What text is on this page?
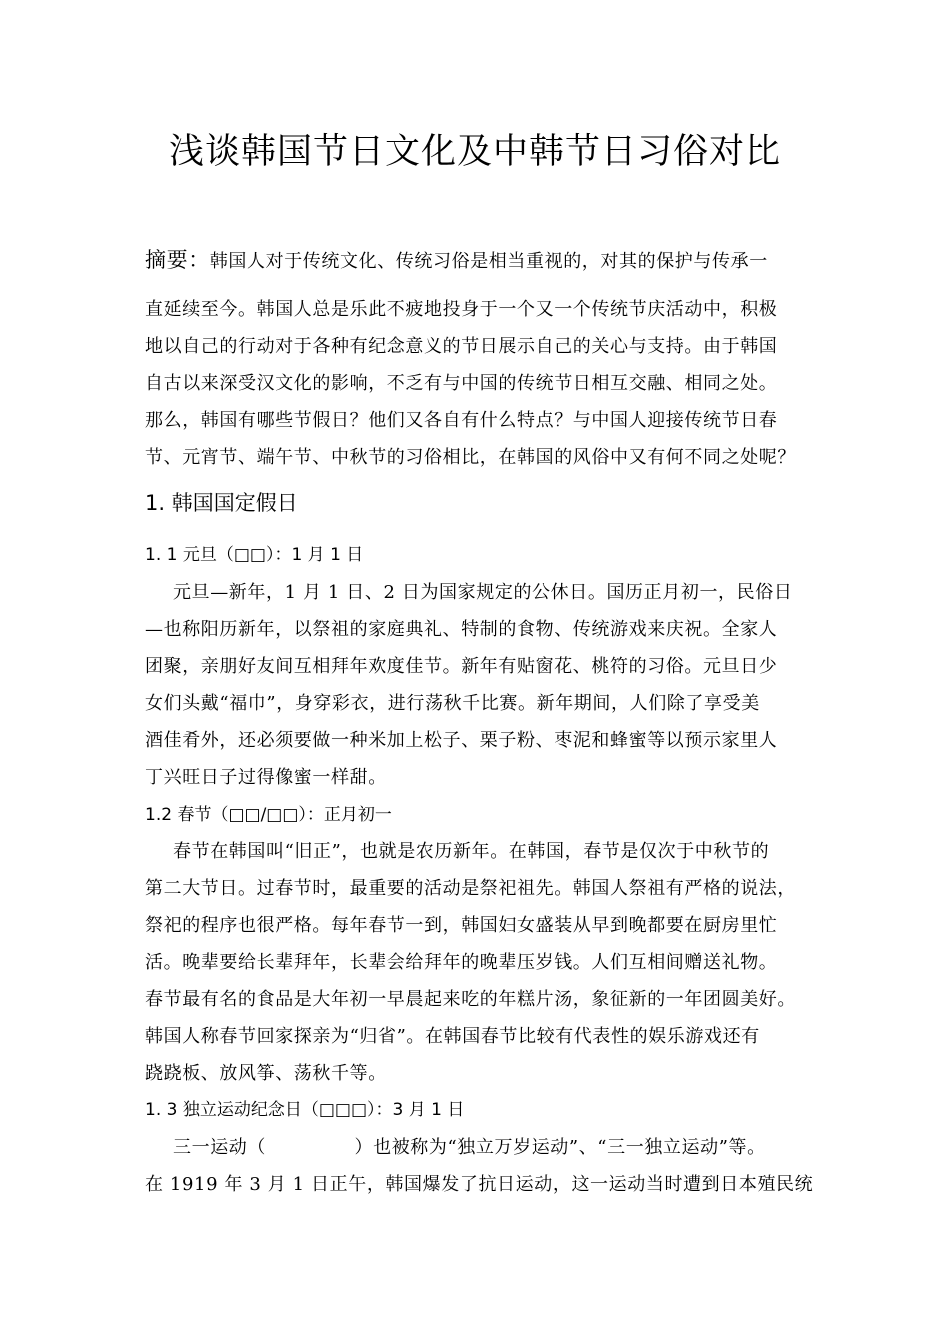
浅谈韩国节日文化及中韩节日习俗对比
摘要：韩国人对于传统文化、传统习俗是相当重视的，对其的保护与传承一
直延续至今。韩国人总是乐此不疲地投身于一个又一个传统节庆活动中，积极
地以自己的行动对于各种有纪念意义的节日展示自己的关心与支持。由于韩国
自古以来深受汉文化的影响，不乏有与中国的传统节日相互交融、相同之处。
那么，韩国有哪些节假日？他们又各自有什么特点？与中国人迎接传统节日春
节、元宵节、端午节、中秋节的习俗相比，在韩国的风俗中又有何不同之处呢？
1. 韩国国定假日
1. 1 元旦（□□）：1 月 1 日
元旦—新年，1 月 1 日、2 日为国家规定的公休日。国历正月初一，民俗日
—也称阳历新年，以祭祖的家庭典礼、特制的食物、传统游戏来庆祝。全家人
团聚，亲朋好友间互相拜年欢度佳节。新年有贴窗花、桃符的习俗。元旦日少
女们头戴“福巾”，身穿彩衣，进行荡秋千比赛。新年期间，人们除了享受美
酒佳肴外，还必须要做一种米加上松子、栗子粉、枣泥和蜂蜜等以预示家里人
丁兴旺日子过得像蜜一样甜。
1.2 春节（□□/□□）：正月初一
春节在韩国叫“旧正”，也就是农历新年。在韩国，春节是仅次于中秋节的
第二大节日。过春节时，最重要的活动是祭祀祖先。韩国人祭祖有严格的说法，
祭祀的程序也很严格。每年春节一到，韩国妇女盛装从早到晚都要在厨房里忙
活。晚辈要给长辈拜年，长辈会给拜年的晚辈压岁钱。人们互相间赠送礼物。
春节最有名的食品是大年初一早晨起来吃的年糕片汤，象征新的一年团圆美好。
韩国人称春节回家探亲为“归省”。在韩国春节比较有代表性的娱乐游戏还有
跷跷板、放风筝、荡秋千等。
1. 3 独立运动纪念日（□□□）：3 月 1 日
三一运动（              ）也被称为“独立万岁运动”、“三一独立运动”等。
在 1919 年 3 月 1 日正午，韩国爆发了抗日运动，这一运动当时遭到日本殖民统
